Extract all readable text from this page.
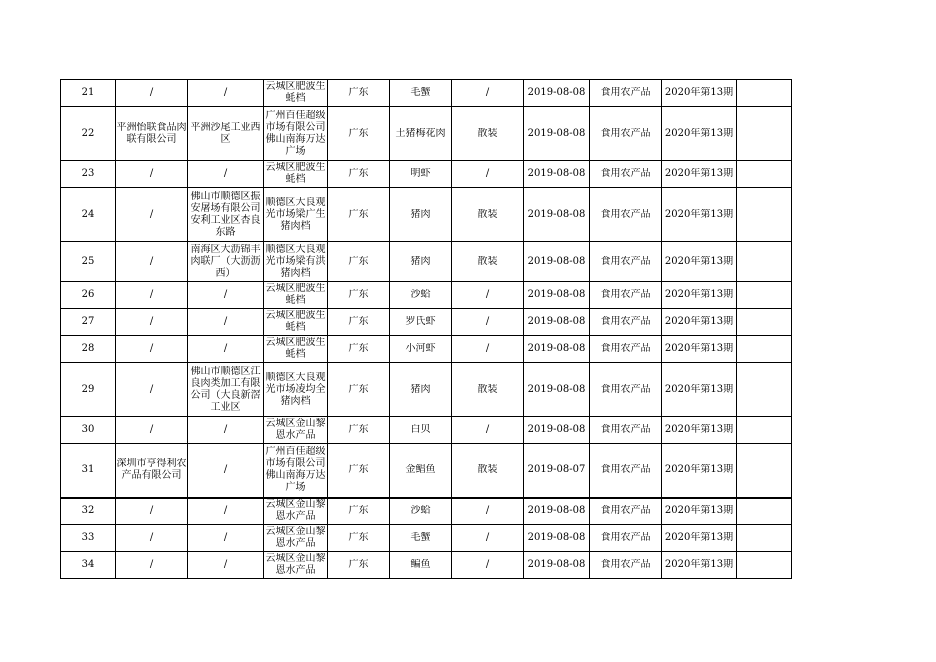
21	/	/	云城区肥波生蚝档	广东	毛蟹	/	2019-08-08	食用农产品	2020年第13期	

22	平洲怡联食品肉联有限公司	平洲沙尾工业西区	广州百佳超级市场有限公司佛山南海万达广场	广东	土猪梅花肉	散装	2019-08-08	食用农产品	2020年第13期	

23	/	/	云城区肥波生蚝档	广东	明虾	/	2019-08-08	食用农产品	2020年第13期	

24	/	佛山市顺德区振安屠场有限公司 安利工业区杏良东路	顺德区大良观光市场梁广生猪肉档	广东	猪肉	散装	2019-08-08	食用农产品	2020年第13期	

25	/	南海区大沥锦丰肉联厂（大沥沥西）	顺德区大良观光市场梁有洪猪肉档	广东	猪肉	散装	2019-08-08	食用农产品	2020年第13期	

26	/	/	云城区肥波生蚝档	广东	沙蛤	/	2019-08-08	食用农产品	2020年第13期	

27	/	/	云城区肥波生蚝档	广东	罗氏虾	/	2019-08-08	食用农产品	2020年第13期	

28	/	/	云城区肥波生蚝档	广东	小河虾	/	2019-08-08	食用农产品	2020年第13期	

29	/	佛山市顺德区江良肉类加工有限公司（大良新滘工业区	顺德区大良观光市场凌均全猪肉档	广东	猪肉	散装	2019-08-08	食用农产品	2020年第13期	

30	/	/	云城区金山黎恩水产品	广东	白贝	/	2019-08-08	食用农产品	2020年第13期	

31	深圳市亨得利农产品有限公司	/	广州百佳超级市场有限公司佛山南海万达广场	广东	金鲳鱼	散装	2019-08-07	食用农产品	2020年第13期	

32	/	/	云城区金山黎恩水产品	广东	沙蛤	/	2019-08-08	食用农产品	2020年第13期	

33	/	/	云城区金山黎恩水产品	广东	毛蟹	/	2019-08-08	食用农产品	2020年第13期	

34	/	/	云城区金山黎恩水产品	广东	鳊鱼	/	2019-08-08	食用农产品	2020年第13期	
